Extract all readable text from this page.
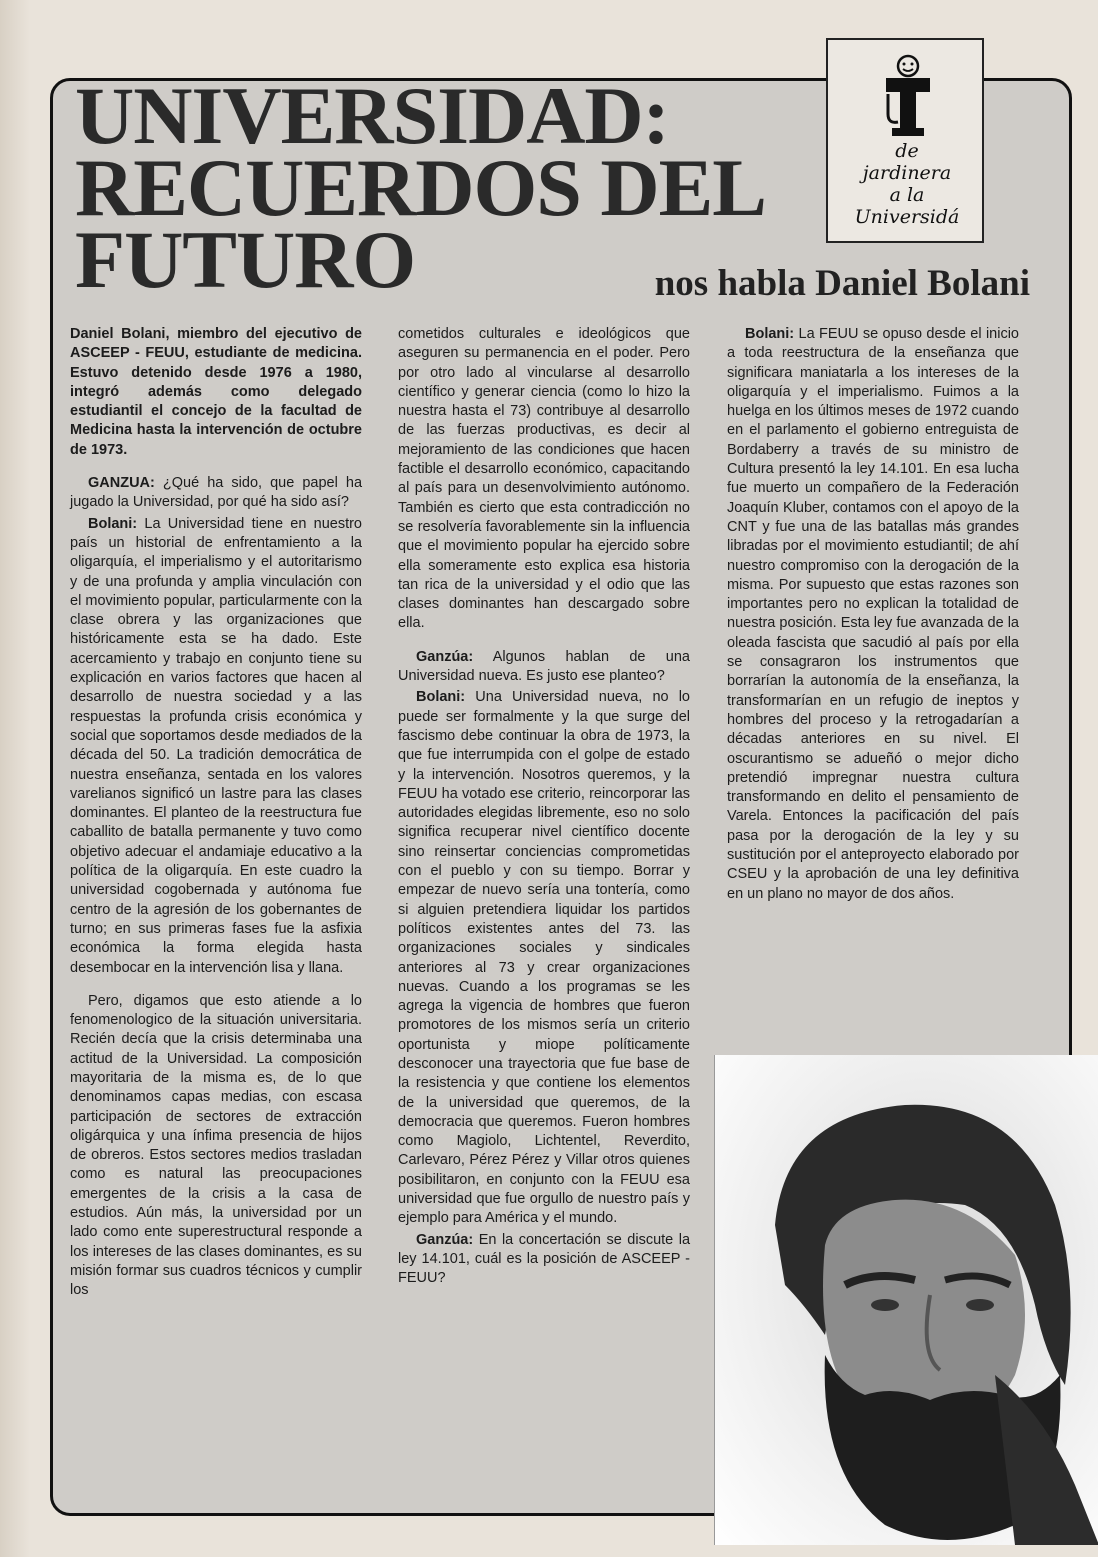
UNIVERSIDAD:
RECUERDOS DEL
FUTURO
de
jardinera
a la
Universidá
nos habla Daniel Bolani

Daniel Bolani, miembro del ejecutivo de ASCEEP - FEUU, estudiante de medicina. Estuvo detenido desde 1976 a 1980, integró además como delegado estudiantil el concejo de la facultad de Medicina hasta la intervención de octubre de 1973.

GANZUA: ¿Qué ha sido, que papel ha jugado la Universidad, por qué ha sido así?

Bolani: La Universidad tiene en nuestro país un historial de enfrentamiento a la oligarquía, el imperialismo y el autoritarismo y de una profunda y amplia vinculación con el movimiento popular, particularmente con la clase obrera y las organizaciones que históricamente esta se ha dado. Este acercamiento y trabajo en conjunto tiene su explicación en varios factores que hacen al desarrollo de nuestra sociedad y a las respuestas la profunda crisis económica y social que soportamos desde mediados de la década del 50. La tradición democrática de nuestra enseñanza, sentada en los valores varelianos significó un lastre para las clases dominantes. El planteo de la reestructura fue caballito de batalla permanente y tuvo como objetivo adecuar el andamiaje educativo a la política de la oligarquía. En este cuadro la universidad cogobernada y autónoma fue centro de la agresión de los gobernantes de turno; en sus primeras fases fue la asfixia económica la forma elegida hasta desembocar en la intervención lisa y llana.

Pero, digamos que esto atiende a lo fenomenologico de la situación universitaria. Recién decía que la crisis determinaba una actitud de la Universidad. La composición mayoritaria de la misma es, de lo que denominamos capas medias, con escasa participación de sectores de extracción oligárquica y una ínfima presencia de hijos de obreros. Estos sectores medios trasladan como es natural las preocupaciones emergentes de la crisis a la casa de estudios. Aún más, la universidad por un lado como ente superestructural responde a los intereses de las clases dominantes, es su misión formar sus cuadros técnicos y cumplir los

cometidos culturales e ideológicos que aseguren su permanencia en el poder. Pero por otro lado al vincularse al desarrollo científico y generar ciencia (como lo hizo la nuestra hasta el 73) contribuye al desarrollo de las fuerzas productivas, es decir al mejoramiento de las condiciones que hacen factible el desarrollo económico, capacitando al país para un desenvolvimiento autónomo. También es cierto que esta contradicción no se resolvería favorablemente sin la influencia que el movimiento popular ha ejercido sobre ella someramente esto explica esa historia tan rica de la universidad y el odio que las clases dominantes han descargado sobre ella.

Ganzúa: Algunos hablan de una Universidad nueva. Es justo ese planteo?

Bolani: Una Universidad nueva, no lo puede ser formalmente y la que surge del fascismo debe continuar la obra de 1973, la que fue interrumpida con el golpe de estado y la intervención. Nosotros queremos, y la FEUU ha votado ese criterio, reincorporar las autoridades elegidas libremente, eso no solo significa recuperar nivel científico docente sino reinsertar conciencias comprometidas con el pueblo y con su tiempo. Borrar y empezar de nuevo sería una tontería, como si alguien pretendiera liquidar los partidos políticos existentes antes del 73. las organizaciones sociales y sindicales anteriores al 73 y crear organizaciones nuevas. Cuando a los programas se les agrega la vigencia de hombres que fueron promotores de los mismos sería un criterio oportunista y miope políticamente desconocer una trayectoria que fue base de la resistencia y que contiene los elementos de la universidad que queremos, de la democracia que queremos. Fueron hombres como Magiolo, Lichtentel, Reverdito, Carlevaro, Pérez Pérez y Villar otros quienes posibilitaron, en conjunto con la FEUU esa universidad que fue orgullo de nuestro país y ejemplo para América y el mundo.

Ganzúa: En la concertación se discute la ley 14.101, cuál es la posición de ASCEEP - FEUU?

Bolani: La FEUU se opuso desde el inicio a toda reestructura de la enseñanza que significara maniatarla a los intereses de la oligarquía y el imperialismo. Fuimos a la huelga en los últimos meses de 1972 cuando en el parlamento el gobierno entreguista de Bordaberry a través de su ministro de Cultura presentó la ley 14.101. En esa lucha fue muerto un compañero de la Federación Joaquín Kluber, contamos con el apoyo de la CNT y fue una de las batallas más grandes libradas por el movimiento estudiantil; de ahí nuestro compromiso con la derogación de la misma. Por supuesto que estas razones son importantes pero no explican la totalidad de nuestra posición. Esta ley fue avanzada de la oleada fascista que sacudió al país por ella se consagraron los instrumentos que borrarían la autonomía de la enseñanza, la transformarían en un refugio de ineptos y hombres del proceso y la retrogadarían a décadas anteriores en su nivel. El oscurantismo se adueñó o mejor dicho pretendió impregnar nuestra cultura transformando en delito el pensamiento de Varela. Entonces la pacificación del país pasa por la derogación de la ley y su sustitución por el anteproyecto elaborado por CSEU y la aprobación de una ley definitiva en un plano no mayor de dos años.
